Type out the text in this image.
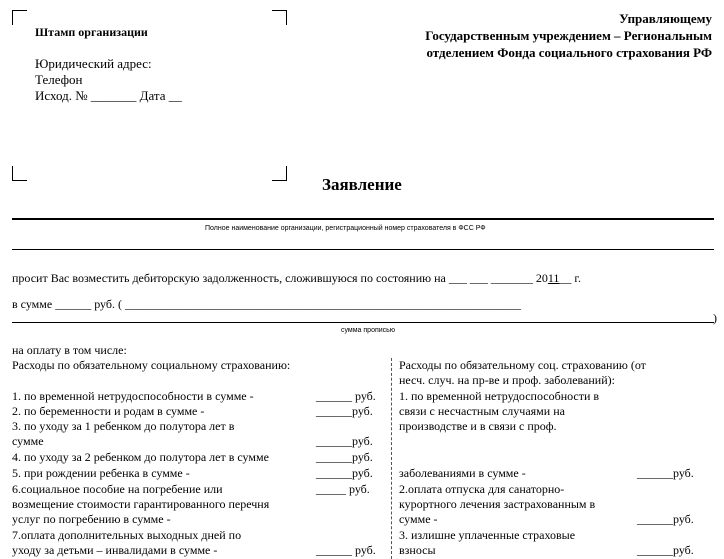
Штамп организации
Юридический адрес:
Телефон
Исход. № _______ Дата __
Управляющему
Государственным учреждением – Региональным
отделением Фонда социального страхования РФ
Заявление
Полное наименование организации, регистрационный номер страхователя в ФСС РФ
просит Вас возместить дебиторскую задолженность, сложившуюся по состоянию на ___ ___ _______ 2011__ г.
в сумме ______ руб. ( __________________________________________________________________
)
сумма прописью
на оплату в том числе:
Расходы по обязательному социальному страхованию:
1. по временной нетрудоспособности в сумме -	______ руб.
2. по беременности и родам в сумме -	______руб.
3. по уходу за 1 ребенком до полутора лет в
сумме	______руб.
4. по уходу за 2 ребенком до полутора лет в сумме	______руб.
5. при рождении ребенка в сумме -	______руб.
6.социальное пособие на погребение или	_____ руб.
возмещение стоимости гарантированного перечня
услуг по погребению в сумме -
7.оплата дополнительных выходных дней по
уходу за детьми – инвалидами в сумме -	______ руб.
Расходы по обязательному соц. страхованию (от
несч. случ. на пр-ве и проф. заболеваний):
1. по временной нетрудоспособности в
связи с несчастным случаями на
производстве и в связи с проф.
заболеваниями в сумме -	______руб.
2.оплата отпуска для санаторно-
курортного лечения застрахованным в
сумме -	______руб.
3. излишне уплаченные страховые
взносы	______руб.
